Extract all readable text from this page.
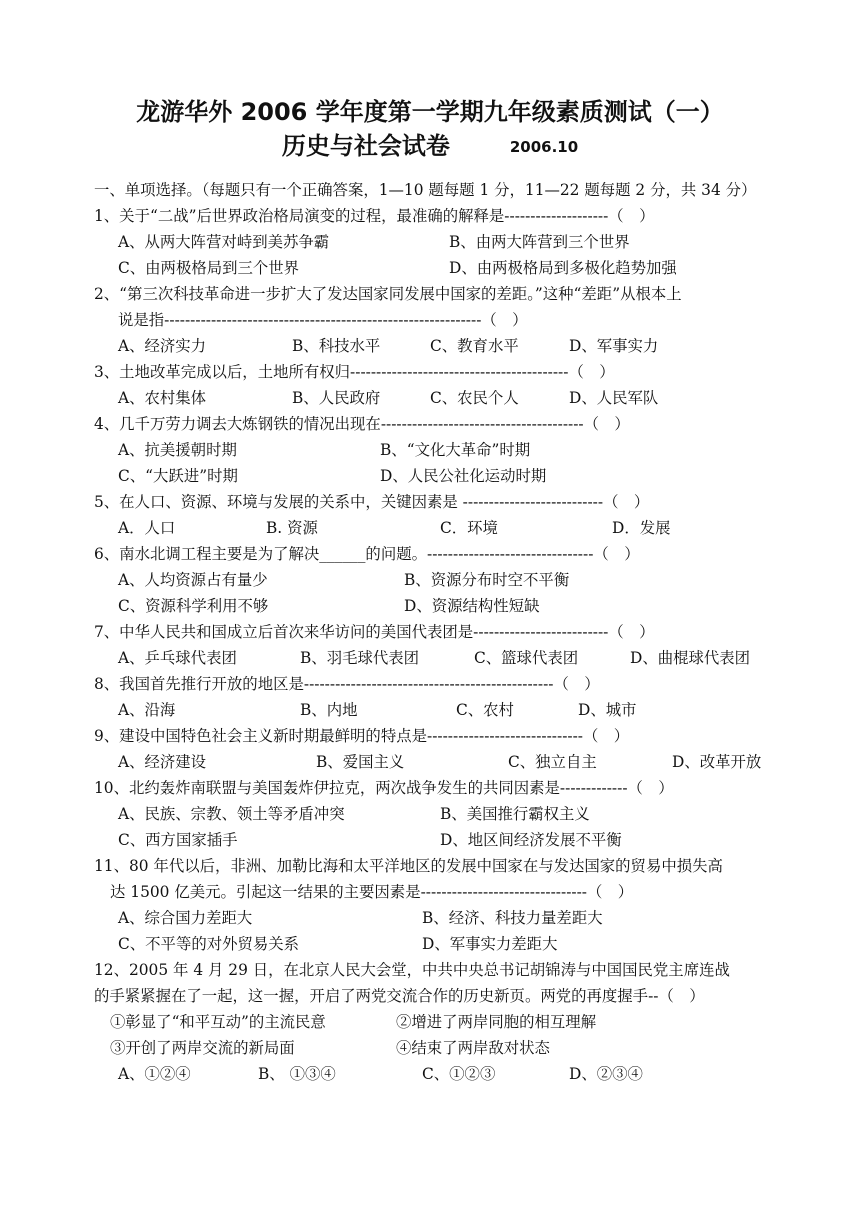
龙游华外 2006 学年度第一学期九年级素质测试（一）
历史与社会试卷	2006.10
一、单项选择。（每题只有一个正确答案，1—10 题每题 1 分，11—22 题每题 2 分，共 34 分）
1、关于“二战”后世界政治格局演变的过程，最准确的解释是--------------------（　）
A、从两大阵营对峙到美苏争霸	B、由两大阵营到三个世界
C、由两极格局到三个世界	D、由两极格局到多极化趋势加强
2、“第三次科技革命进一步扩大了发达国家同发展中国家的差距。”这种“差距”从根本上
说是指-------------------------------------------------------------（　）
A、经济实力	B、科技水平	C、教育水平	D、军事实力
3、土地改革完成以后，土地所有权归------------------------------------------（　）
A、农村集体	B、人民政府	C、农民个人	D、人民军队
4、几千万劳力调去大炼钢铁的情况出现在---------------------------------------（　）
A、抗美援朝时期	B、“文化大革命”时期
C、“大跃进”时期	D、人民公社化运动时期
5、在人口、资源、环境与发展的关系中，关键因素是 ---------------------------（　）
A．人口	B. 资源	C．环境	D．发展
6、南水北调工程主要是为了解决______的问题。--------------------------------（　）
A、人均资源占有量少	B、资源分布时空不平衡
C、资源科学利用不够	D、资源结构性短缺
7、中华人民共和国成立后首次来华访问的美国代表团是--------------------------（　）
A、乒乓球代表团	B、羽毛球代表团	C、篮球代表团	D、曲棍球代表团
8、我国首先推行开放的地区是------------------------------------------------（　）
A、沿海	B、内地	C、农村	D、城市
9、建设中国特色社会主义新时期最鲜明的特点是------------------------------（　）
A、经济建设	B、爱国主义	C、独立自主	D、改革开放
10、北约轰炸南联盟与美国轰炸伊拉克，两次战争发生的共同因素是-------------（　）
A、民族、宗教、领土等矛盾冲突	B、美国推行霸权主义
C、西方国家插手	D、地区间经济发展不平衡
11、80 年代以后，非洲、加勒比海和太平洋地区的发展中国家在与发达国家的贸易中损失高
达 1500 亿美元。引起这一结果的主要因素是--------------------------------（　）
A、综合国力差距大	B、经济、科技力量差距大
C、不平等的对外贸易关系	D、军事实力差距大
12、2005 年 4 月 29 日，在北京人民大会堂，中共中央总书记胡锦涛与中国国民党主席连战
的手紧紧握在了一起，这一握，开启了两党交流合作的历史新页。两党的再度握手--（　）
①彰显了“和平互动”的主流民意	②增进了两岸同胞的相互理解
③开创了两岸交流的新局面	④结束了两岸敌对状态
A、①②④	B、 ①③④	C、①②③	D、②③④
